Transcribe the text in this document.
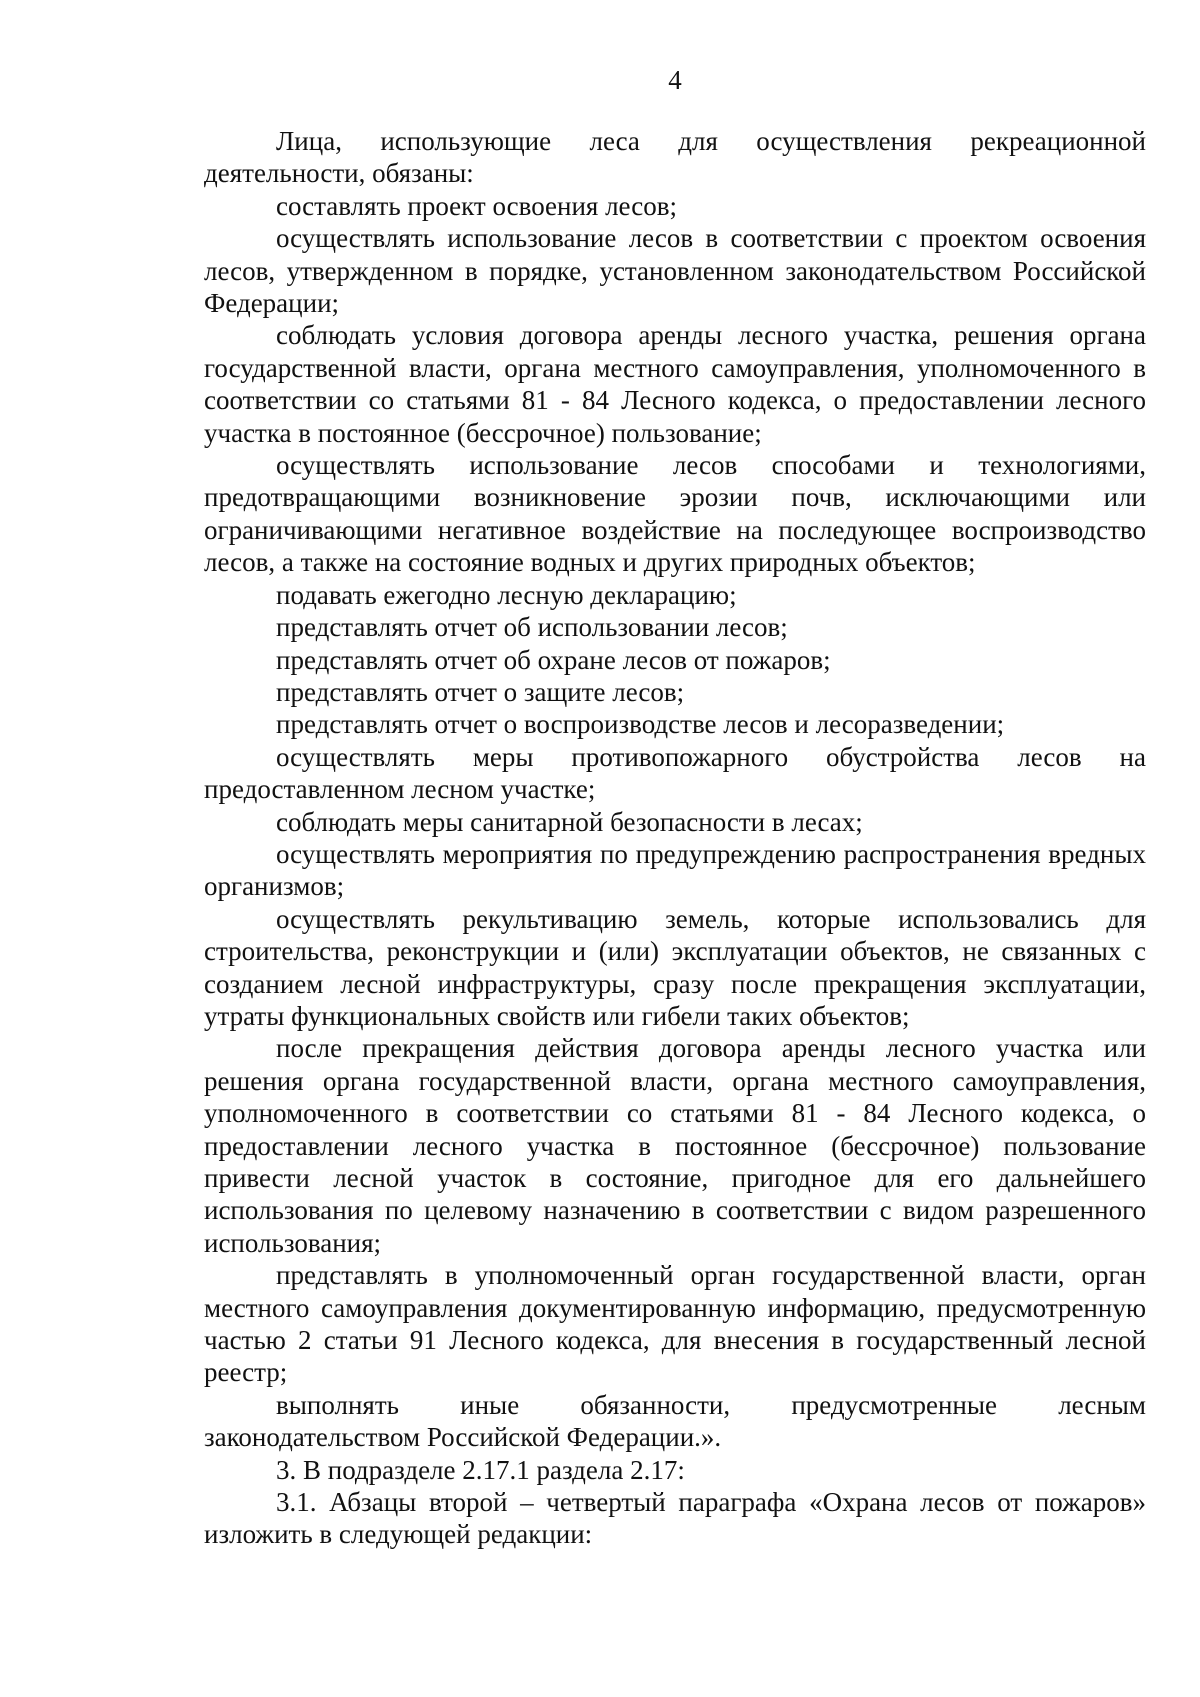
4

Лица, использующие леса для осуществления рекреационной деятельности, обязаны:

составлять проект освоения лесов;

осуществлять использование лесов в соответствии с проектом освоения лесов, утвержденном в порядке, установленном законодательством Российской Федерации;

соблюдать условия договора аренды лесного участка, решения органа государственной власти, органа местного самоуправления, уполномоченного в соответствии со статьями 81 - 84 Лесного кодекса, о предоставлении лесного участка в постоянное (бессрочное) пользование;

осуществлять использование лесов способами и технологиями, предотвращающими возникновение эрозии почв, исключающими или ограничивающими негативное воздействие на последующее воспроизводство лесов, а также на состояние водных и других природных объектов;

подавать ежегодно лесную декларацию;

представлять отчет об использовании лесов;

представлять отчет об охране лесов от пожаров;

представлять отчет о защите лесов;

представлять отчет о воспроизводстве лесов и лесоразведении;

осуществлять меры противопожарного обустройства лесов на предоставленном лесном участке;

соблюдать меры санитарной безопасности в лесах;

осуществлять мероприятия по предупреждению распространения вредных организмов;

осуществлять рекультивацию земель, которые использовались для строительства, реконструкции и (или) эксплуатации объектов, не связанных с созданием лесной инфраструктуры, сразу после прекращения эксплуатации, утраты функциональных свойств или гибели таких объектов;

после прекращения действия договора аренды лесного участка или решения органа государственной власти, органа местного самоуправления, уполномоченного в соответствии со статьями 81 - 84 Лесного кодекса, о предоставлении лесного участка в постоянное (бессрочное) пользование привести лесной участок в состояние, пригодное для его дальнейшего использования по целевому назначению в соответствии с видом разрешенного использования;

представлять в уполномоченный орган государственной власти, орган местного самоуправления документированную информацию, предусмотренную частью 2 статьи 91 Лесного кодекса, для внесения в государственный лесной реестр;

выполнять иные обязанности, предусмотренные лесным законодательством Российской Федерации.».

3. В подразделе 2.17.1 раздела 2.17:

3.1. Абзацы второй – четвертый параграфа «Охрана лесов от пожаров» изложить в следующей редакции:
